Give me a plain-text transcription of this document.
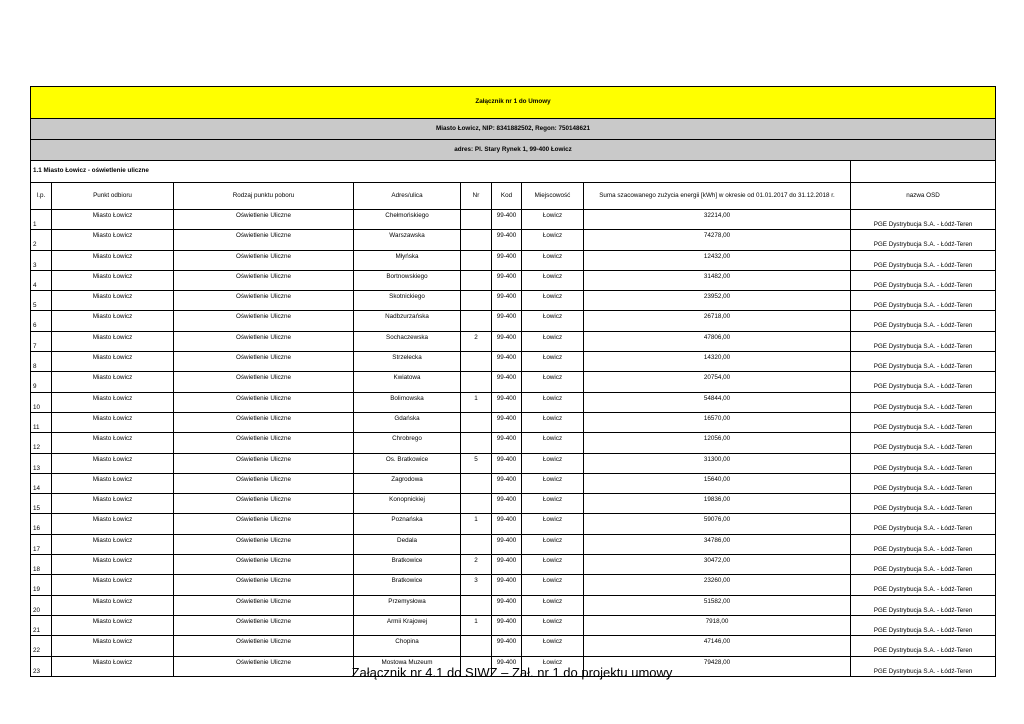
Załącznik nr 1 do Umowy								
Miasto Łowicz, NIP: 8341882502, Regon: 750148621								
adres: Pl. Stary Rynek 1, 99-400 Łowicz								
1.1 Miasto Łowicz - oświetlenie uliczne								
l.p.	Punkt odbioru	Rodzaj punktu poboru	Adres/ulica	Nr	Kod	Miejscowość	Suma szacowanego zużycia energii [kWh] w okresie od 01.01.2017 do 31.12.2018 r.	nazwa OSD
1	Miasto Łowicz	Oświetlenie Uliczne	Chełmońskiego		99-400	Łowicz	32214,00	PGE Dystrybucja S.A. - Łódź-Teren
2	Miasto Łowicz	Oświetlenie Uliczne	Warszawska		99-400	Łowicz	74278,00	PGE Dystrybucja S.A. - Łódź-Teren
3	Miasto Łowicz	Oświetlenie Uliczne	Młyńska		99-400	Łowicz	12432,00	PGE Dystrybucja S.A. - Łódź-Teren
4	Miasto Łowicz	Oświetlenie Uliczne	Bortnowskiego		99-400	Łowicz	31482,00	PGE Dystrybucja S.A. - Łódź-Teren
5	Miasto Łowicz	Oświetlenie Uliczne	Skotnickiego		99-400	Łowicz	23952,00	PGE Dystrybucja S.A. - Łódź-Teren
6	Miasto Łowicz	Oświetlenie Uliczne	Nadbzurzańska		99-400	Łowicz	26718,00	PGE Dystrybucja S.A. - Łódź-Teren
7	Miasto Łowicz	Oświetlenie Uliczne	Sochaczewska	2	99-400	Łowicz	47806,00	PGE Dystrybucja S.A. - Łódź-Teren
8	Miasto Łowicz	Oświetlenie Uliczne	Strzelecka		99-400	Łowicz	14320,00	PGE Dystrybucja S.A. - Łódź-Teren
9	Miasto Łowicz	Oświetlenie Uliczne	Kwiatowa		99-400	Łowicz	20754,00	PGE Dystrybucja S.A. - Łódź-Teren
10	Miasto Łowicz	Oświetlenie Uliczne	Bolimowska	1	99-400	Łowicz	54844,00	PGE Dystrybucja S.A. - Łódź-Teren
11	Miasto Łowicz	Oświetlenie Uliczne	Gdańska		99-400	Łowicz	16570,00	PGE Dystrybucja S.A. - Łódź-Teren
12	Miasto Łowicz	Oświetlenie Uliczne	Chrobrego		99-400	Łowicz	12056,00	PGE Dystrybucja S.A. - Łódź-Teren
13	Miasto Łowicz	Oświetlenie Uliczne	Os. Bratkowice	5	99-400	Łowicz	31300,00	PGE Dystrybucja S.A. - Łódź-Teren
14	Miasto Łowicz	Oświetlenie Uliczne	Zagrodowa		99-400	Łowicz	15640,00	PGE Dystrybucja S.A. - Łódź-Teren
15	Miasto Łowicz	Oświetlenie Uliczne	Konopnickiej		99-400	Łowicz	19836,00	PGE Dystrybucja S.A. - Łódź-Teren
16	Miasto Łowicz	Oświetlenie Uliczne	Poznańska	1	99-400	Łowicz	59076,00	PGE Dystrybucja S.A. - Łódź-Teren
17	Miasto Łowicz	Oświetlenie Uliczne	Dedala		99-400	Łowicz	34786,00	PGE Dystrybucja S.A. - Łódź-Teren
18	Miasto Łowicz	Oświetlenie Uliczne	Bratkowice	2	99-400	Łowicz	30472,00	PGE Dystrybucja S.A. - Łódź-Teren
19	Miasto Łowicz	Oświetlenie Uliczne	Bratkowice	3	99-400	Łowicz	23260,00	PGE Dystrybucja S.A. - Łódź-Teren
20	Miasto Łowicz	Oświetlenie Uliczne	Przemysłowa		99-400	Łowicz	51582,00	PGE Dystrybucja S.A. - Łódź-Teren
21	Miasto Łowicz	Oświetlenie Uliczne	Armii Krajowej	1	99-400	Łowicz	7918,00	PGE Dystrybucja S.A. - Łódź-Teren
22	Miasto Łowicz	Oświetlenie Uliczne	Chopina		99-400	Łowicz	47146,00	PGE Dystrybucja S.A. - Łódź-Teren
23	Miasto Łowicz	Oświetlenie Uliczne	Mostowa Muzeum		99-400	Łowicz	79428,00	PGE Dystrybucja S.A. - Łódź-Teren
Załącznik nr 4.1 do SIWZ – Zał. nr 1 do projektu umowy
